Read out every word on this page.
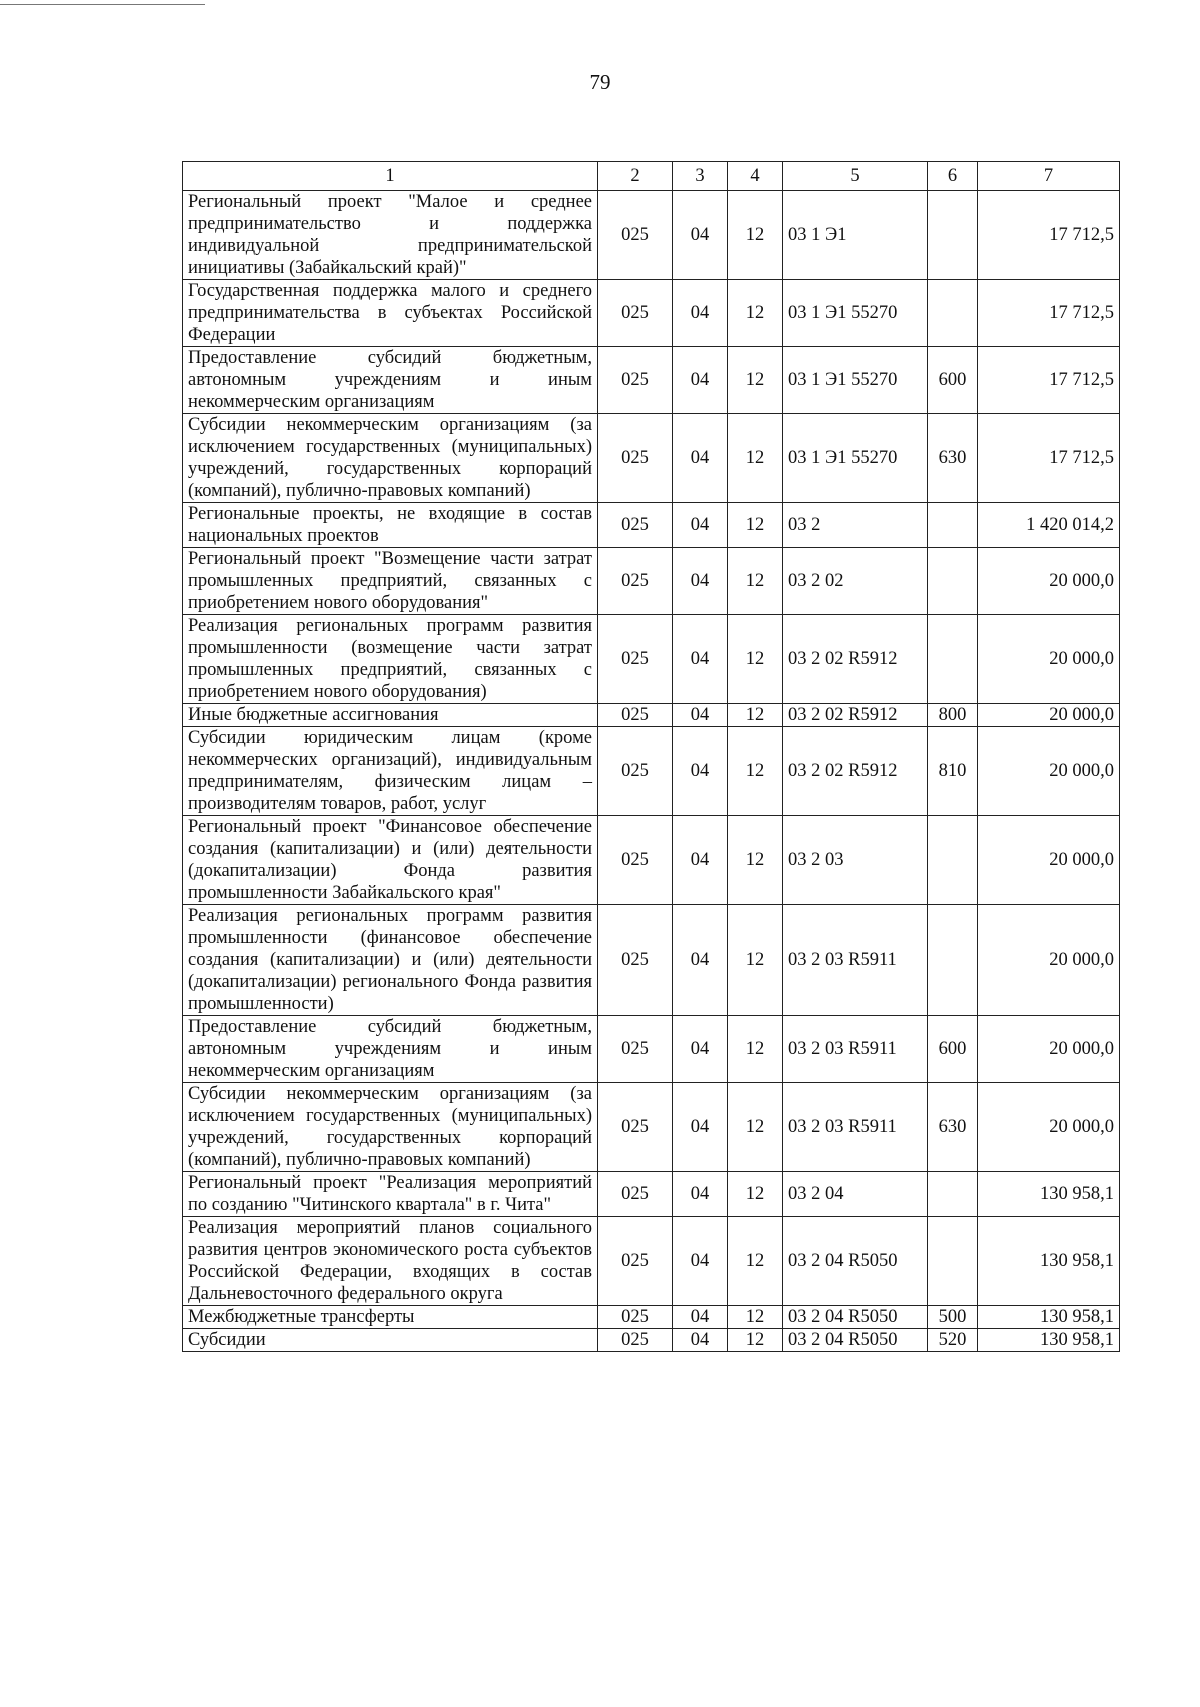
79
1	2	3	4	5	6	7
Региональный проект "Малое и среднее предпринимательство и поддержка индивидуальной предпринимательской инициативы (Забайкальский край)"	025	04	12	03 1 Э1		17 712,5
Государственная поддержка малого и среднего предпринимательства в субъектах Российской Федерации	025	04	12	03 1 Э1 55270		17 712,5
Предоставление субсидий бюджетным, автономным учреждениям и иным некоммерческим организациям	025	04	12	03 1 Э1 55270	600	17 712,5
Субсидии некоммерческим организациям (за исключением государственных (муниципальных) учреждений, государственных корпораций (компаний), публично-правовых компаний)	025	04	12	03 1 Э1 55270	630	17 712,5
Региональные проекты, не входящие в состав национальных проектов	025	04	12	03 2		1 420 014,2
Региональный проект "Возмещение части затрат промышленных предприятий, связанных с приобретением нового оборудования"	025	04	12	03 2 02		20 000,0
Реализация региональных программ развития промышленности (возмещение части затрат промышленных предприятий, связанных с приобретением нового оборудования)	025	04	12	03 2 02 R5912		20 000,0
Иные бюджетные ассигнования	025	04	12	03 2 02 R5912	800	20 000,0
Субсидии юридическим лицам (кроме некоммерческих организаций), индивидуальным предпринимателям, физическим лицам – производителям товаров, работ, услуг	025	04	12	03 2 02 R5912	810	20 000,0
Региональный проект "Финансовое обеспечение создания (капитализации) и (или) деятельности (докапитализации) Фонда развития промышленности Забайкальского края"	025	04	12	03 2 03		20 000,0
Реализация региональных программ развития промышленности (финансовое обеспечение создания (капитализации) и (или) деятельности (докапитализации) регионального Фонда развития промышленности)	025	04	12	03 2 03 R5911		20 000,0
Предоставление субсидий бюджетным, автономным учреждениям и иным некоммерческим организациям	025	04	12	03 2 03 R5911	600	20 000,0
Субсидии некоммерческим организациям (за исключением государственных (муниципальных) учреждений, государственных корпораций (компаний), публично-правовых компаний)	025	04	12	03 2 03 R5911	630	20 000,0
Региональный проект "Реализация мероприятий по созданию "Читинского квартала" в г. Чита"	025	04	12	03 2 04		130 958,1
Реализация мероприятий планов социального развития центров экономического роста субъектов Российской Федерации, входящих в состав Дальневосточного федерального округа	025	04	12	03 2 04 R5050		130 958,1
Межбюджетные трансферты	025	04	12	03 2 04 R5050	500	130 958,1
Субсидии	025	04	12	03 2 04 R5050	520	130 958,1
